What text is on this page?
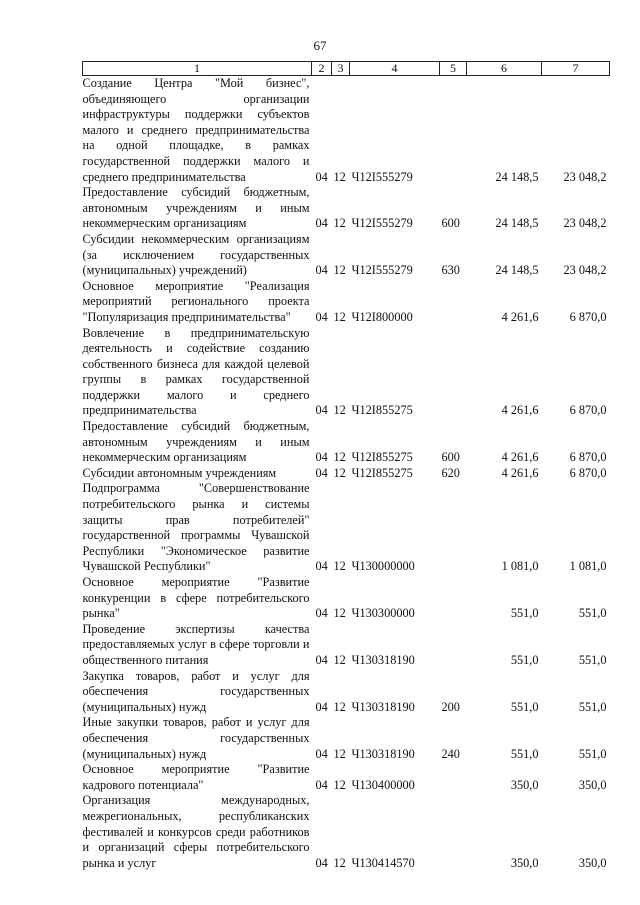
67
1	2	3	4	5	6	7
Создание Центра "Мой бизнес", объединяющего организации инфраструктуры поддержки субъектов малого и среднего предпринимательства на одной площадке, в рамках государственной поддержки малого и среднего предпринимательства	04	12	Ч12I555279		24 148,5	23 048,2
Предоставление субсидий бюджетным, автономным учреждениям и иным некоммерческим организациям	04	12	Ч12I555279	600	24 148,5	23 048,2
Субсидии некоммерческим организациям (за исключением государственных (муниципальных) учреждений)	04	12	Ч12I555279	630	24 148,5	23 048,2
Основное мероприятие "Реализация мероприятий регионального проекта "Популяризация предпринимательства"	04	12	Ч12I800000		4 261,6	6 870,0
Вовлечение в предпринимательскую деятельность и содействие созданию собственного бизнеса для каждой целевой группы в рамках государственной поддержки малого и среднего предпринимательства	04	12	Ч12I855275		4 261,6	6 870,0
Предоставление субсидий бюджетным, автономным учреждениям и иным некоммерческим организациям	04	12	Ч12I855275	600	4 261,6	6 870,0
Субсидии автономным учреждениям	04	12	Ч12I855275	620	4 261,6	6 870,0
Подпрограмма "Совершенствование потребительского рынка и системы защиты прав потребителей" государственной программы Чувашской Республики "Экономическое развитие Чувашской Республики"	04	12	Ч130000000		1 081,0	1 081,0
Основное мероприятие "Развитие конкуренции в сфере потребительского рынка"	04	12	Ч130300000		551,0	551,0
Проведение экспертизы качества предоставляемых услуг в сфере торговли и общественного питания	04	12	Ч130318190		551,0	551,0
Закупка товаров, работ и услуг для обеспечения государственных (муниципальных) нужд	04	12	Ч130318190	200	551,0	551,0
Иные закупки товаров, работ и услуг для обеспечения государственных (муниципальных) нужд	04	12	Ч130318190	240	551,0	551,0
Основное мероприятие "Развитие кадрового потенциала"	04	12	Ч130400000		350,0	350,0
Организация международных, межрегиональных, республиканских фестивалей и конкурсов среди работников и организаций сферы потребительского рынка и услуг	04	12	Ч130414570		350,0	350,0
